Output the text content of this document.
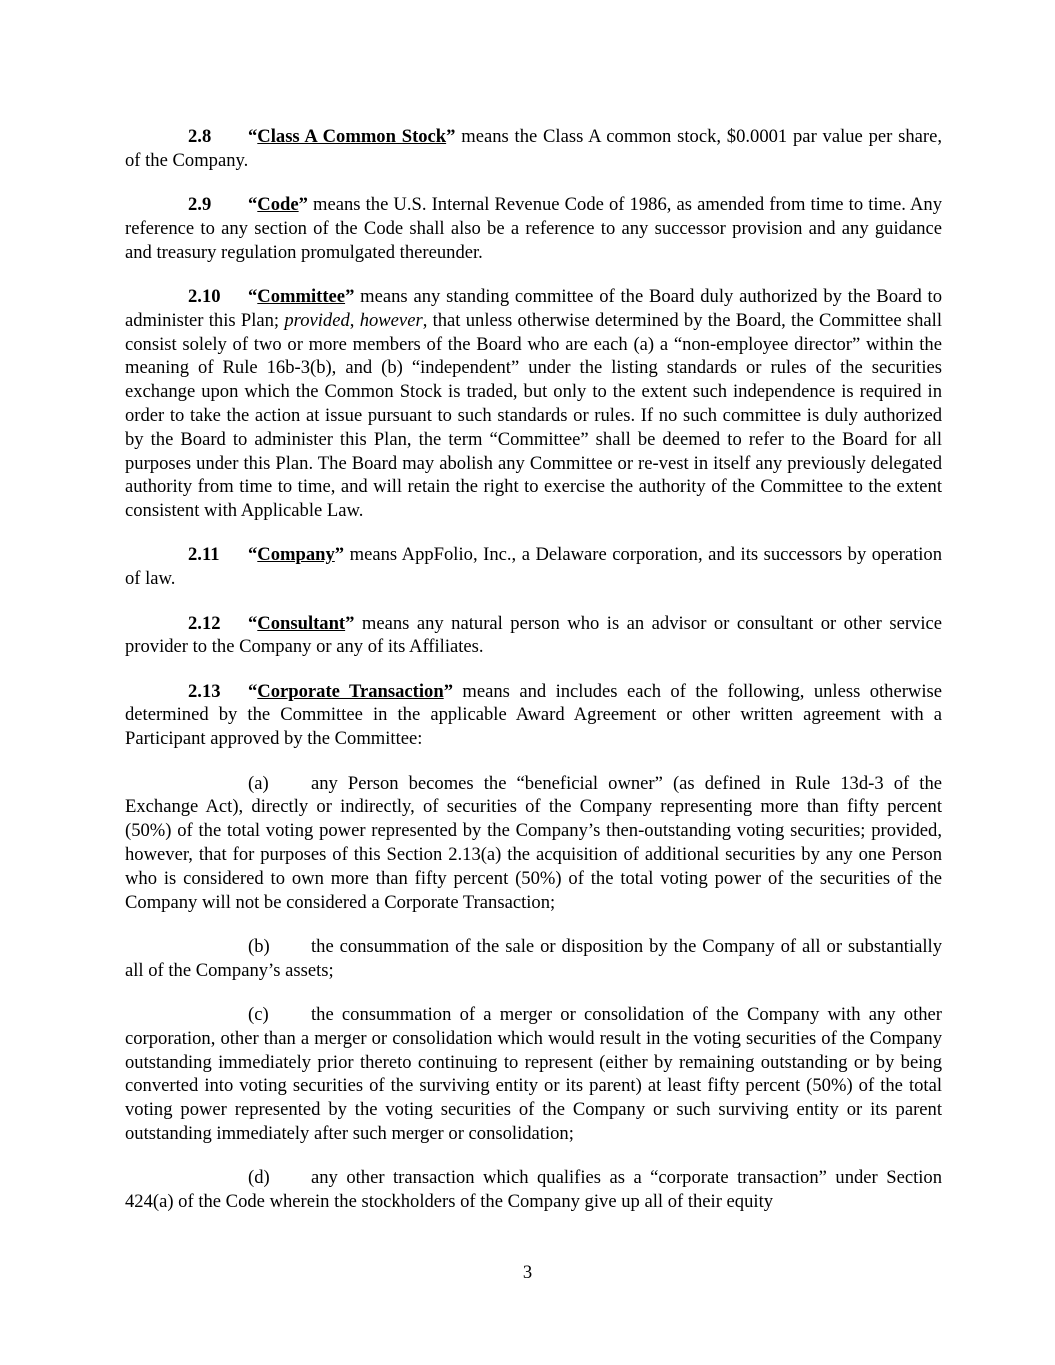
2.8 “Class A Common Stock” means the Class A common stock, $0.0001 par value per share, of the Company.

2.9 “Code” means the U.S. Internal Revenue Code of 1986, as amended from time to time. Any reference to any section of the Code shall also be a reference to any successor provision and any guidance and treasury regulation promulgated thereunder.

2.10 “Committee” means any standing committee of the Board duly authorized by the Board to administer this Plan; provided, however, that unless otherwise determined by the Board, the Committee shall consist solely of two or more members of the Board who are each (a) a “non-employee director” within the meaning of Rule 16b-3(b), and (b) “independent” under the listing standards or rules of the securities exchange upon which the Common Stock is traded, but only to the extent such independence is required in order to take the action at issue pursuant to such standards or rules. If no such committee is duly authorized by the Board to administer this Plan, the term “Committee” shall be deemed to refer to the Board for all purposes under this Plan. The Board may abolish any Committee or re-vest in itself any previously delegated authority from time to time, and will retain the right to exercise the authority of the Committee to the extent consistent with Applicable Law.

2.11 “Company” means AppFolio, Inc., a Delaware corporation, and its successors by operation of law.

2.12 “Consultant” means any natural person who is an advisor or consultant or other service provider to the Company or any of its Affiliates.

2.13 “Corporate Transaction” means and includes each of the following, unless otherwise determined by the Committee in the applicable Award Agreement or other written agreement with a Participant approved by the Committee:

(a) any Person becomes the “beneficial owner” (as defined in Rule 13d-3 of the Exchange Act), directly or indirectly, of securities of the Company representing more than fifty percent (50%) of the total voting power represented by the Company’s then-outstanding voting securities; provided, however, that for purposes of this Section 2.13(a) the acquisition of additional securities by any one Person who is considered to own more than fifty percent (50%) of the total voting power of the securities of the Company will not be considered a Corporate Transaction;

(b) the consummation of the sale or disposition by the Company of all or substantially all of the Company’s assets;

(c) the consummation of a merger or consolidation of the Company with any other corporation, other than a merger or consolidation which would result in the voting securities of the Company outstanding immediately prior thereto continuing to represent (either by remaining outstanding or by being converted into voting securities of the surviving entity or its parent) at least fifty percent (50%) of the total voting power represented by the voting securities of the Company or such surviving entity or its parent outstanding immediately after such merger or consolidation;

(d) any other transaction which qualifies as a “corporate transaction” under Section 424(a) of the Code wherein the stockholders of the Company give up all of their equity

3
